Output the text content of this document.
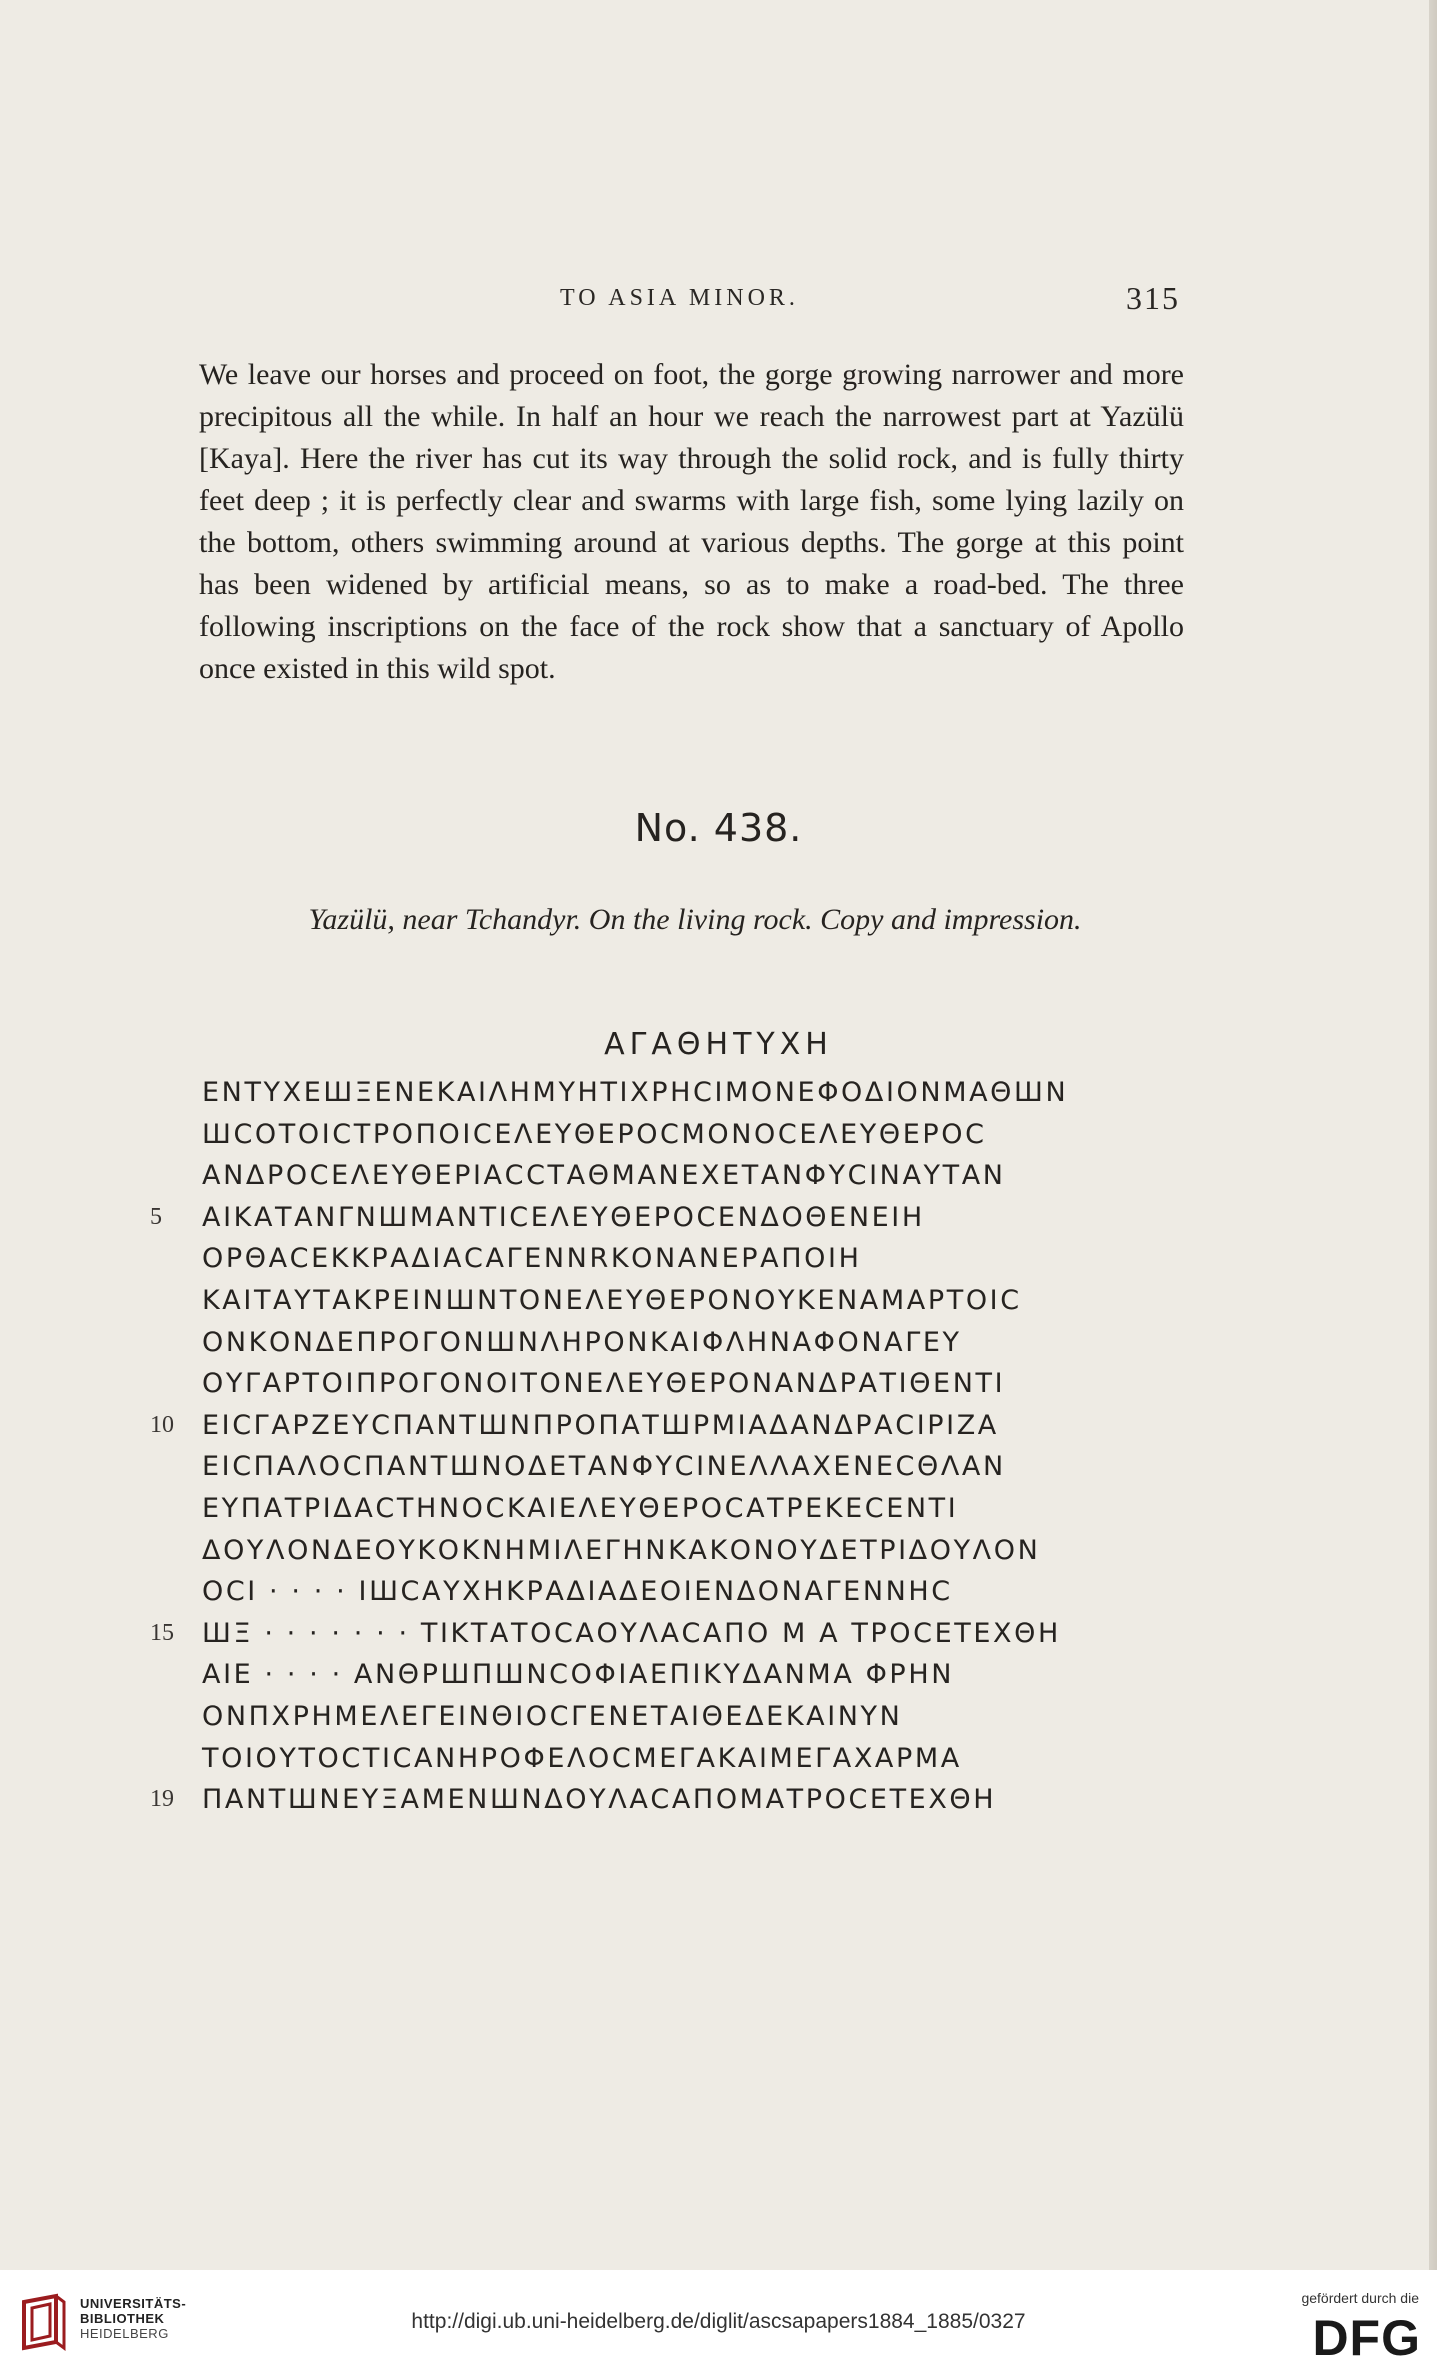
TO ASIA MINOR.	315

We leave our horses and proceed on foot, the gorge growing narrower and more precipitous all the while. In half an hour we reach the narrowest part at Yazülü [Kaya]. Here the river has cut its way through the solid rock, and is fully thirty feet deep ; it is perfectly clear and swarms with large fish, some lying lazily on the bottom, others swimming around at various depths. The gorge at this point has been widened by artificial means, so as to make a road-bed. The three following inscriptions on the face of the rock show that a sanctuary of Apollo once existed in this wild spot.

No. 438.

Yazülü, near Tchandyr. On the living rock. Copy and impression.

ΑΓΑΘΗΤΥΧΗ
ΕΝΤΥΧΕШΞΕΝΕΚΑΙΛΗΜΥΗΤΙΧΡΗCΙΜΟΝΕΦΟΔΙΟΝΜΑΘШΝ
ШCΟΤΟΙCΤΡΟΠΟΙCΕΛΕΥΘΕΡΟCΜΟΝΟCΕΛΕΥΘΕΡΟC
ΑΝΔΡΟCΕΛΕΥΘΕΡΙΑCCΤΑΘΜΑΝΕΧΕΤΑΝΦΥCΙΝΑΥΤΑΝ
5	ΑΙΚΑΤΑΝΓΝШΜΑΝΤΙCΕΛΕΥΘΕΡΟCΕΝΔΟΘΕΝΕΙΗ
ΟΡΘΑCΕΚΚΡΑΔΙΑCΑΓΕΝΝRΚΟΝΑΝΕΡΑΠΟΙΗ
ΚΑΙΤΑΥΤΑΚΡΕΙΝШΝΤΟΝΕΛΕΥΘΕΡΟΝΟΥΚΕΝΑΜΑΡΤΟΙC
ΟΝΚΟΝΔΕΠΡΟΓΟΝШΝΛΗΡΟΝΚΑΙΦΛΗΝΑΦΟΝΑΓΕΥ
ΟΥΓΑΡΤΟΙΠΡΟΓΟΝΟΙΤΟΝΕΛΕΥΘΕΡΟΝΑΝΔΡΑΤΙΘΕΝΤΙ
10	ΕΙCΓΑΡΖΕΥCΠΑΝΤШΝΠΡΟΠΑΤШΡΜΙΑΔΑΝΔΡΑCΙΡΙΖΑ
ΕΙCΠΑΛΟCΠΑΝΤШΝΟΔΕΤΑΝΦΥCΙΝΕΛΛΑΧΕΝΕCΘΛΑΝ
ΕΥΠΑΤΡΙΔΑCΤΗΝΟCΚΑΙΕΛΕΥΘΕΡΟCΑΤΡΕΚΕCΕΝΤΙ
ΔΟΥΛΟΝΔΕΟΥΚΟΚΝΗΜΙΛΕΓΗΝΚΑΚΟΝΟΥΔΕΤΡΙΔΟΥΛΟΝ
ΟCΙ · · · · ΙШCΑΥΧΗΚΡΑΔΙΑΔΕΟΙΕΝΔΟΝΑΓΕΝΝΗC
15	ШΞ · · · · · · · ΤΙΚΤΑΤΟCΑΟΥΛΑCΑΠΟ Μ Α ΤΡΟCΕΤΕΧΘΗ
ΑΙΕ · · · · ΑΝΘΡШΠШΝCΟΦΙΑΕΠΙΚΥΔΑΝΜΑ ΦΡΗΝ
ΟΝΠΧΡΗΜΕΛΕΓΕΙΝΘΙΟCΓΕΝΕΤΑΙΘΕΔΕΚΑΙΝΥΝ
ΤΟΙΟΥΤΟCΤΙCΑΝΗΡΟΦΕΛΟCΜΕΓΑΚΑΙΜΕΓΑΧΑΡΜΑ
19	ΠΑΝΤШΝΕΥΞΑΜΕΝШΝΔΟΥΛΑCΑΠΟΜΑΤΡΟCΕΤΕΧΘΗ
UNIVERSITÄTS-
BIBLIOTHEK
HEIDELBERG
http://digi.ub.uni-heidelberg.de/diglit/ascsapapers1884_1885/0327
gefördert durch die
DFG
